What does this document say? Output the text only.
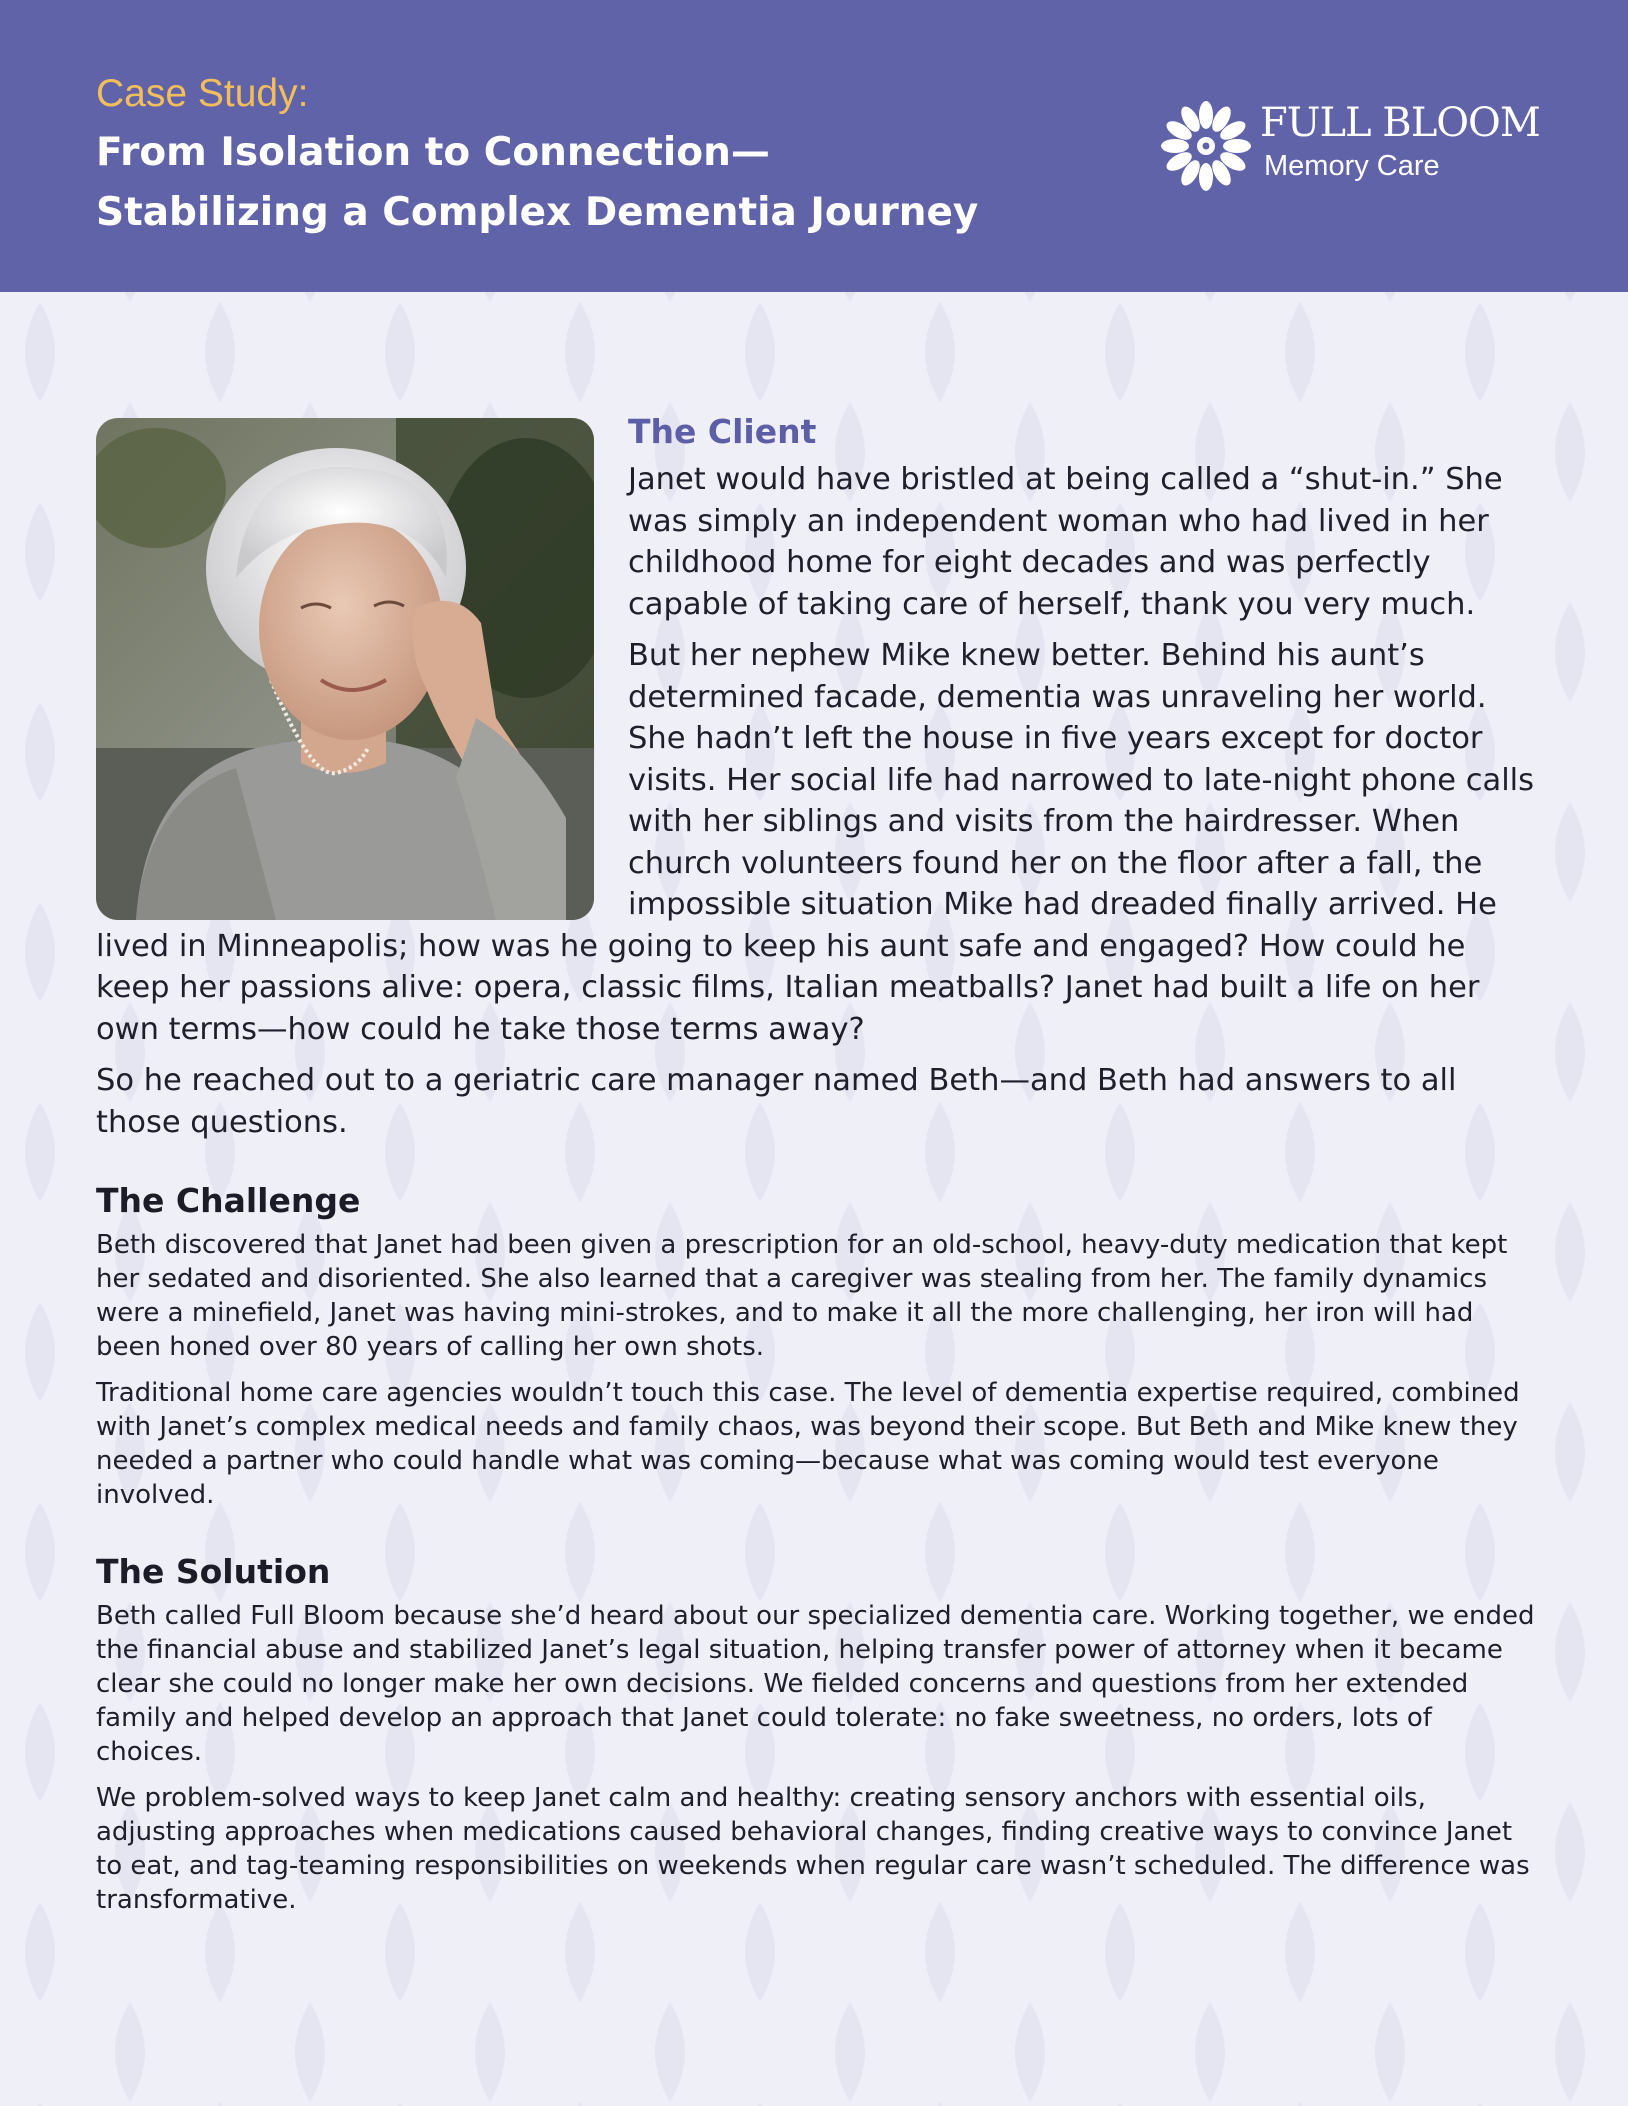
Case Study:
From Isolation to Connection—
Stabilizing a Complex Dementia Journey
FULL BLOOM
Memory Care
The Client

Janet would have bristled at being called a “shut-in.” She was simply an independent woman who had lived in her childhood home for eight decades and was perfectly capable of taking care of herself, thank you very much.

But her nephew Mike knew better. Behind his aunt’s determined facade, dementia was unraveling her world. She hadn’t left the house in five years except for doctor visits. Her social life had narrowed to late-night phone calls with her siblings and visits from the hairdresser. When church volunteers found her on the floor after a fall, the impossible situation Mike had dreaded finally arrived. He lived in Minneapolis; how was he going to keep his aunt safe and engaged? How could he keep her passions alive: opera, classic films, Italian meatballs? Janet had built a life on her own terms—how could he take those terms away?

So he reached out to a geriatric care manager named Beth—and Beth had answers to all those questions.

The Challenge

Beth discovered that Janet had been given a prescription for an old-school, heavy-duty medication that kept her sedated and disoriented. She also learned that a caregiver was stealing from her. The family dynamics were a minefield, Janet was having mini-strokes, and to make it all the more challenging, her iron will had been honed over 80 years of calling her own shots.

Traditional home care agencies wouldn’t touch this case. The level of dementia expertise required, combined with Janet’s complex medical needs and family chaos, was beyond their scope. But Beth and Mike knew they needed a partner who could handle what was coming—because what was coming would test everyone involved.

The Solution

Beth called Full Bloom because she’d heard about our specialized dementia care. Working together, we ended the financial abuse and stabilized Janet’s legal situation, helping transfer power of attorney when it became clear she could no longer make her own decisions. We fielded concerns and questions from her extended family and helped develop an approach that Janet could tolerate: no fake sweetness, no orders, lots of choices.

We problem-solved ways to keep Janet calm and healthy: creating sensory anchors with essential oils, adjusting approaches when medications caused behavioral changes, finding creative ways to convince Janet to eat, and tag-teaming responsibilities on weekends when regular care wasn’t scheduled. The difference was transformative.
